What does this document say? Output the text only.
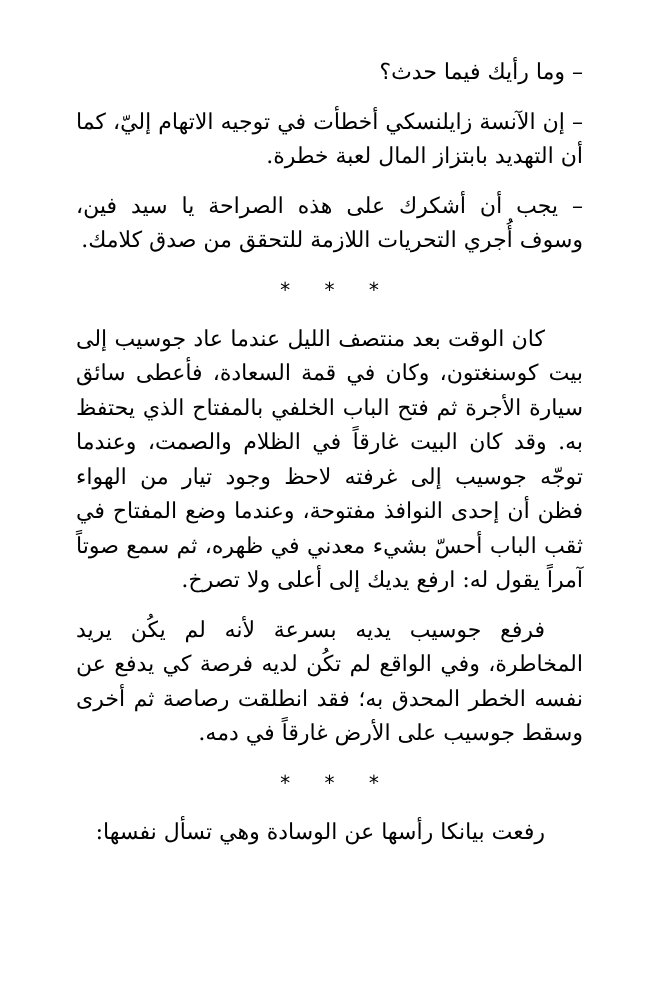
– وما رأيك فيما حدث؟

– إن الآنسة زايلنسكي أخطأت في توجيه الاتهام إليّ، كما أن التهديد بابتزاز المال لعبة خطرة.

– يجب أن أشكرك على هذه الصراحة يا سيد فين، وسوف أُجري التحريات اللازمة للتحقق من صدق كلامك.

* * *

كان الوقت بعد منتصف الليل عندما عاد جوسيب إلى بيت كوسنغتون، وكان في قمة السعادة، فأعطى سائق سيارة الأجرة ثم فتح الباب الخلفي بالمفتاح الذي يحتفظ به. وقد كان البيت غارقاً في الظلام والصمت، وعندما توجّه جوسيب إلى غرفته لاحظ وجود تيار من الهواء فظن أن إحدى النوافذ مفتوحة، وعندما وضع المفتاح في ثقب الباب أحسّ بشيء معدني في ظهره، ثم سمع صوتاً آمراً يقول له: ارفع يديك إلى أعلى ولا تصرخ.

فرفع جوسيب يديه بسرعة لأنه لم يكُن يريد المخاطرة، وفي الواقع لم تكُن لديه فرصة كي يدفع عن نفسه الخطر المحدق به؛ فقد انطلقت رصاصة ثم أخرى وسقط جوسيب على الأرض غارقاً في دمه.

* * *

رفعت بيانكا رأسها عن الوسادة وهي تسأل نفسها:
